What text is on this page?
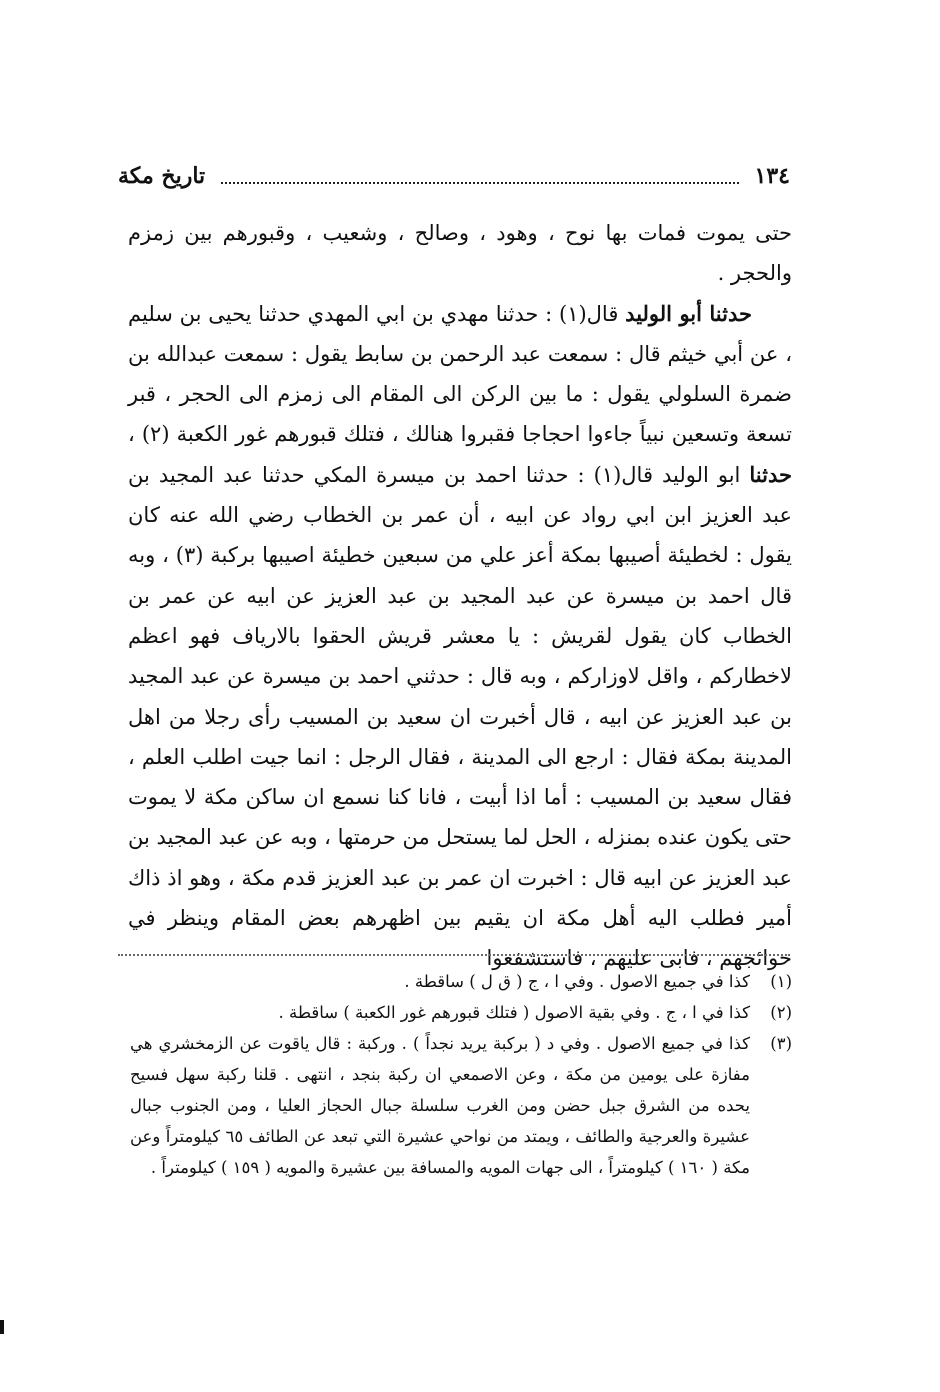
١٣٤
تاريخ مكة

حتى يموت فمات بها نوح ، وهود ، وصالح ، وشعيب ، وقبورهم بين زمزم والحجر .

حدثنا أبو الوليد قال(١) : حدثنا مهدي بن ابي المهدي حدثنا يحيى بن سليم ، عن أبي خيثم قال : سمعت عبد الرحمن بن سابط يقول : سمعت عبدالله بن ضمرة السلولي يقول : ما بين الركن الى المقام الى زمزم الى الحجر ، قبر تسعة وتسعين نبياً جاءوا احجاجا فقبروا هنالك ، فتلك قبورهم غور الكعبة (٢) ، حدثنا ابو الوليد قال(١) : حدثنا احمد بن ميسرة المكي حدثنا عبد المجيد بن عبد العزيز ابن ابي رواد عن ابيه ، أن عمر بن الخطاب رضي الله عنه كان يقول : لخطيئة أصيبها بمكة أعز علي من سبعين خطيئة اصيبها بركبة (٣) ، وبه قال احمد بن ميسرة عن عبد المجيد بن عبد العزيز عن ابيه عن عمر بن الخطاب كان يقول لقريش : يا معشر قريش الحقوا بالارياف فهو اعظم لاخطاركم ، واقل لاوزاركم ، وبه قال : حدثني احمد بن ميسرة عن عبد المجيد بن عبد العزيز عن ابيه ، قال أخبرت ان سعيد بن المسيب رأى رجلا من اهل المدينة بمكة فقال : ارجع الى المدينة ، فقال الرجل : انما جيت اطلب العلم ، فقال سعيد بن المسيب : أما اذا أبيت ، فانا كنا نسمع ان ساكن مكة لا يموت حتى يكون عنده بمنزله ، الحل لما يستحل من حرمتها ، وبه عن عبد المجيد بن عبد العزيز عن ابيه قال : اخبرت ان عمر بن عبد العزيز قدم مكة ، وهو اذ ذاك أمير فطلب اليه أهل مكة ان يقيم بين اظهرهم بعض المقام وينظر في حوائجهم ، فابى عليهم ، فاستشفعوا

(١)
كذا في جميع الاصول . وفي ا ، ج ( ق ل ) ساقطة .
(٢)
كذا في ا ، ج . وفي بقية الاصول ( فتلك قبورهم غور الكعبة ) ساقطة .
(٣)
كذا في جميع الاصول . وفي د ( بركبة يريد نجداً ) . وركبة : قال ياقوت عن الزمخشري هي مفازة على يومين من مكة ، وعن الاصمعي ان ركبة بنجد ، انتهى . قلنا ركبة سهل فسيح يحده من الشرق جبل حضن ومن الغرب سلسلة جبال الحجاز العليا ، ومن الجنوب جبال عشيرة والعرجية والطائف ، ويمتد من نواحي عشيرة التي تبعد عن الطائف ٦٥ كيلومتراً وعن مكة ( ١٦٠ ) كيلومتراً ، الى جهات المويه والمسافة بين عشيرة والمويه ( ١٥٩ ) كيلومتراً .
